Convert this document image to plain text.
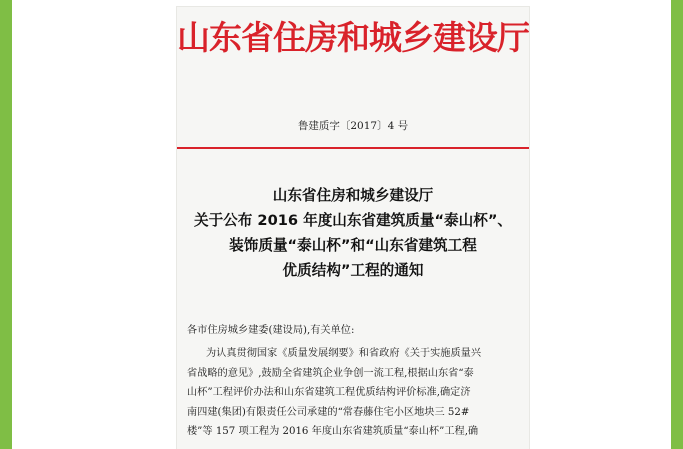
山东省住房和城乡建设厅
鲁建质字〔2017〕4 号
山东省住房和城乡建设厅
关于公布 2016 年度山东省建筑质量“泰山杯”、
装饰质量“泰山杯”和“山东省建筑工程
优质结构”工程的通知
各市住房城乡建委(建设局),有关单位:
为认真贯彻国家《质量发展纲要》和省政府《关于实施质量兴
省战略的意见》,鼓励全省建筑企业争创一流工程,根据山东省“泰
山杯”工程评价办法和山东省建筑工程优质结构评价标准,确定济
南四建(集团)有限责任公司承建的“常春藤住宅小区地块三 52#
楼”等 157 项工程为 2016 年度山东省建筑质量“泰山杯”工程,确
